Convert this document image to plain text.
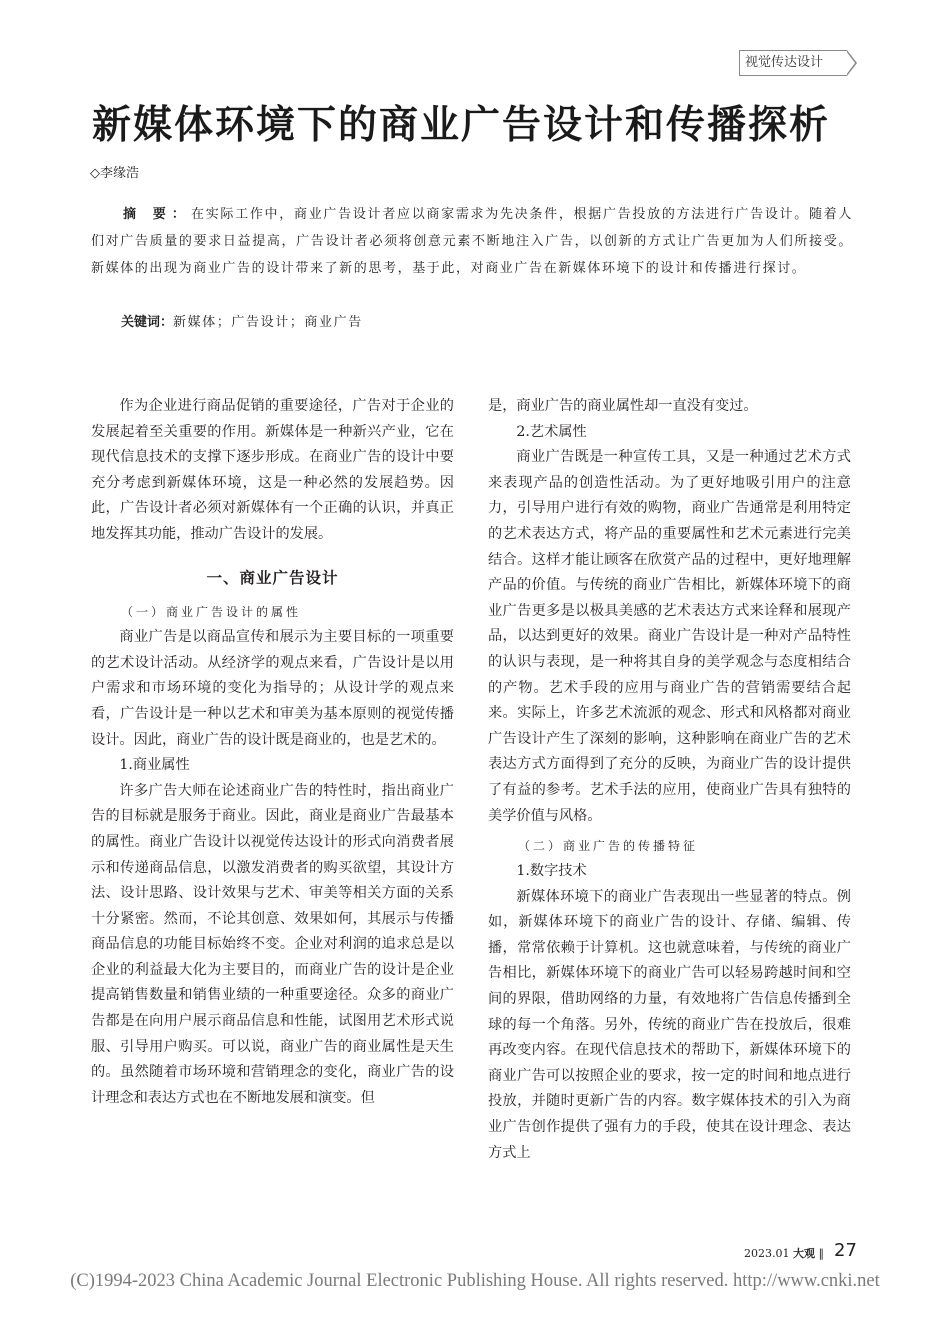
视觉传达设计
新媒体环境下的商业广告设计和传播探析
◇李缘浩
摘 要：在实际工作中，商业广告设计者应以商家需求为先决条件，根据广告投放的方法进行广告设计。随着人们对广告质量的要求日益提高，广告设计者必须将创意元素不断地注入广告，以创新的方式让广告更加为人们所接受。新媒体的出现为商业广告的设计带来了新的思考，基于此，对商业广告在新媒体环境下的设计和传播进行探讨。
关键词：新媒体；广告设计；商业广告

作为企业进行商品促销的重要途径，广告对于企业的发展起着至关重要的作用。新媒体是一种新兴产业，它在现代信息技术的支撑下逐步形成。在商业广告的设计中要充分考虑到新媒体环境，这是一种必然的发展趋势。因此，广告设计者必须对新媒体有一个正确的认识，并真正地发挥其功能，推动广告设计的发展。

一、商业广告设计

（一）商业广告设计的属性

商业广告是以商品宣传和展示为主要目标的一项重要的艺术设计活动。从经济学的观点来看，广告设计是以用户需求和市场环境的变化为指导的；从设计学的观点来看，广告设计是一种以艺术和审美为基本原则的视觉传播设计。因此，商业广告的设计既是商业的，也是艺术的。

1.商业属性

许多广告大师在论述商业广告的特性时，指出商业广告的目标就是服务于商业。因此，商业是商业广告最基本的属性。商业广告设计以视觉传达设计的形式向消费者展示和传递商品信息，以激发消费者的购买欲望，其设计方法、设计思路、设计效果与艺术、审美等相关方面的关系十分紧密。然而，不论其创意、效果如何，其展示与传播商品信息的功能目标始终不变。企业对利润的追求总是以企业的利益最大化为主要目的，而商业广告的设计是企业提高销售数量和销售业绩的一种重要途径。众多的商业广告都是在向用户展示商品信息和性能，试图用艺术形式说服、引导用户购买。可以说，商业广告的商业属性是天生的。虽然随着市场环境和营销理念的变化，商业广告的设计理念和表达方式也在不断地发展和演变。但

是，商业广告的商业属性却一直没有变过。

2.艺术属性

商业广告既是一种宣传工具，又是一种通过艺术方式来表现产品的创造性活动。为了更好地吸引用户的注意力，引导用户进行有效的购物，商业广告通常是利用特定的艺术表达方式，将产品的重要属性和艺术元素进行完美结合。这样才能让顾客在欣赏产品的过程中，更好地理解产品的价值。与传统的商业广告相比，新媒体环境下的商业广告更多是以极具美感的艺术表达方式来诠释和展现产品，以达到更好的效果。商业广告设计是一种对产品特性的认识与表现，是一种将其自身的美学观念与态度相结合的产物。艺术手段的应用与商业广告的营销需要结合起来。实际上，许多艺术流派的观念、形式和风格都对商业广告设计产生了深刻的影响，这种影响在商业广告的艺术表达方式方面得到了充分的反映，为商业广告的设计提供了有益的参考。艺术手法的应用，使商业广告具有独特的美学价值与风格。

（二）商业广告的传播特征

1.数字技术

新媒体环境下的商业广告表现出一些显著的特点。例如，新媒体环境下的商业广告的设计、存储、编辑、传播，常常依赖于计算机。这也就意味着，与传统的商业广告相比，新媒体环境下的商业广告可以轻易跨越时间和空间的界限，借助网络的力量，有效地将广告信息传播到全球的每一个角落。另外，传统的商业广告在投放后，很难再改变内容。在现代信息技术的帮助下，新媒体环境下的商业广告可以按照企业的要求，按一定的时间和地点进行投放，并随时更新广告的内容。数字媒体技术的引入为商业广告创作提供了强有力的手段，使其在设计理念、表达方式上

2023.01 大观 ‖ 27
(C)1994-2023 China Academic Journal Electronic Publishing House. All rights reserved. http://www.cnki.net
